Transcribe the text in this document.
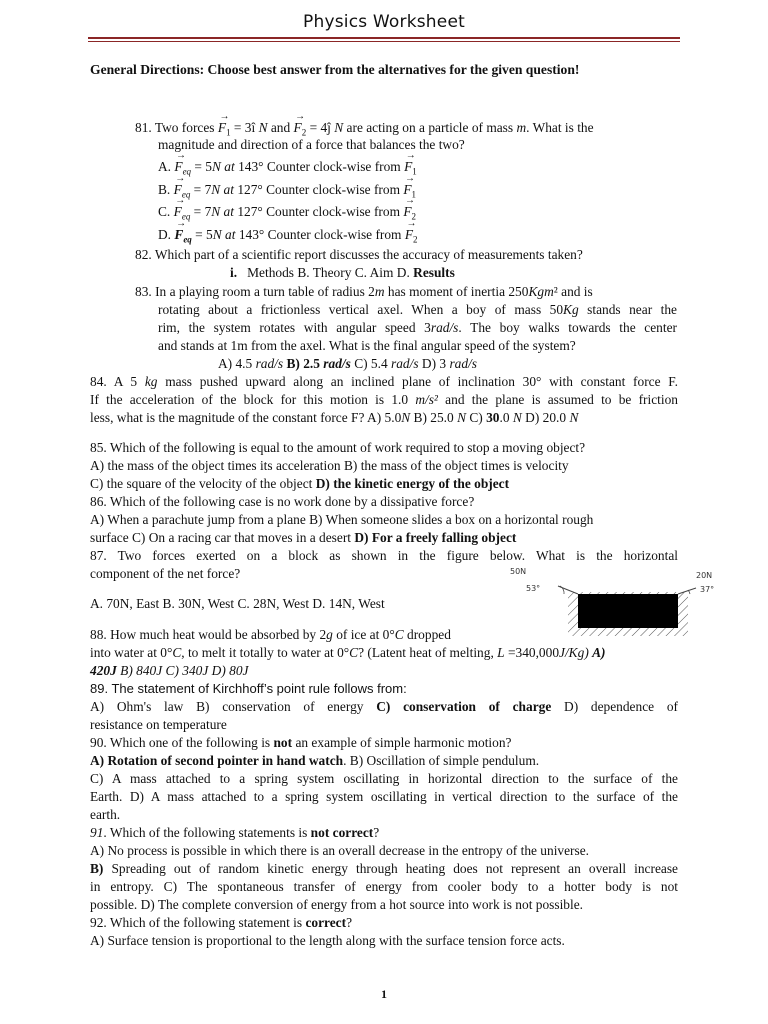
Physics Worksheet
General Directions: Choose best answer from the alternatives for the given question!
81. Two forces → $F_1$ = 3î N and → $F_2$ = 4ĵ N are acting on a particle of mass m. What is the
magnitude and direction of a force that balances the two?
A. → $F_{eq} = 5N$ at 143° Counter clock-wise from → $F_1$
B. → $F_{eq} = 7N$ at 127° Counter clock-wise from → $F_1$
C. → $F_{eq} = 7N$ at 127° Counter clock-wise from → $F_2$
D. → $F_{eq} = 5N$ at 143° Counter clock-wise from → $F_2$
82. Which part of a scientific report discusses the accuracy of measurements taken?
i. Methods B. Theory C. Aim D. Results
83. In a playing room a turn table of radius 2m has moment of inertia 250Kgm² and is
rotating about a frictionless vertical axel. When a boy of mass 50Kg stands near the
rim, the system rotates with angular speed 3rad/s. The boy walks towards the center
and stands at 1m from the axel. What is the final angular speed of the system?
A) 4.5 rad/s B) 2.5 rad/s C) 5.4 rad/s D) 3 rad/s
84. A 5 kg mass pushed upward along an inclined plane of inclination 30° with constant force F.
If the acceleration of the block for this motion is 1.0 m/s² and the plane is assumed to be friction
less, what is the magnitude of the constant force F? A) 5.0N B) 25.0 N C) 30.0 N D) 20.0 N
85. Which of the following is equal to the amount of work required to stop a moving object?
A) the mass of the object times its acceleration B) the mass of the object times is velocity
C) the square of the velocity of the object D) the kinetic energy of the object
86. Which of the following case is no work done by a dissipative force?
A) When a parachute jump from a plane B) When someone slides a box on a horizontal rough
surface C) On a racing car that moves in a desert D) For a freely falling object
87. Two forces exerted on a block as shown in the figure below. What is the horizontal
component of the net force?
A. 70N, East B. 30N, West C. 28N, West D. 14N, West
50N
53°
20N
37°
88. How much heat would be absorbed by 2g of ice at 0°C dropped
into water at 0°C, to melt it totally to water at 0°C? (Latent heat of melting, L =340,000J/Kg) A)
420J B) 840J C) 340J D) 80J
89. The statement of Kirchhoff’s point rule follows from:
A) Ohm's law B) conservation of energy C) conservation of charge D) dependence of
resistance on temperature
90. Which one of the following is not an example of simple harmonic motion?
A) Rotation of second pointer in hand watch. B) Oscillation of simple pendulum.
C) A mass attached to a spring system oscillating in horizontal direction to the surface of the
Earth. D) A mass attached to a spring system oscillating in vertical direction to the surface of the
earth.
91. Which of the following statements is not correct?
A) No process is possible in which there is an overall decrease in the entropy of the universe.
B) Spreading out of random kinetic energy through heating does not represent an overall increase
in entropy. C) The spontaneous transfer of energy from cooler body to a hotter body is not
possible. D) The complete conversion of energy from a hot source into work is not possible.
92. Which of the following statement is correct?
A) Surface tension is proportional to the length along with the surface tension force acts.
1
